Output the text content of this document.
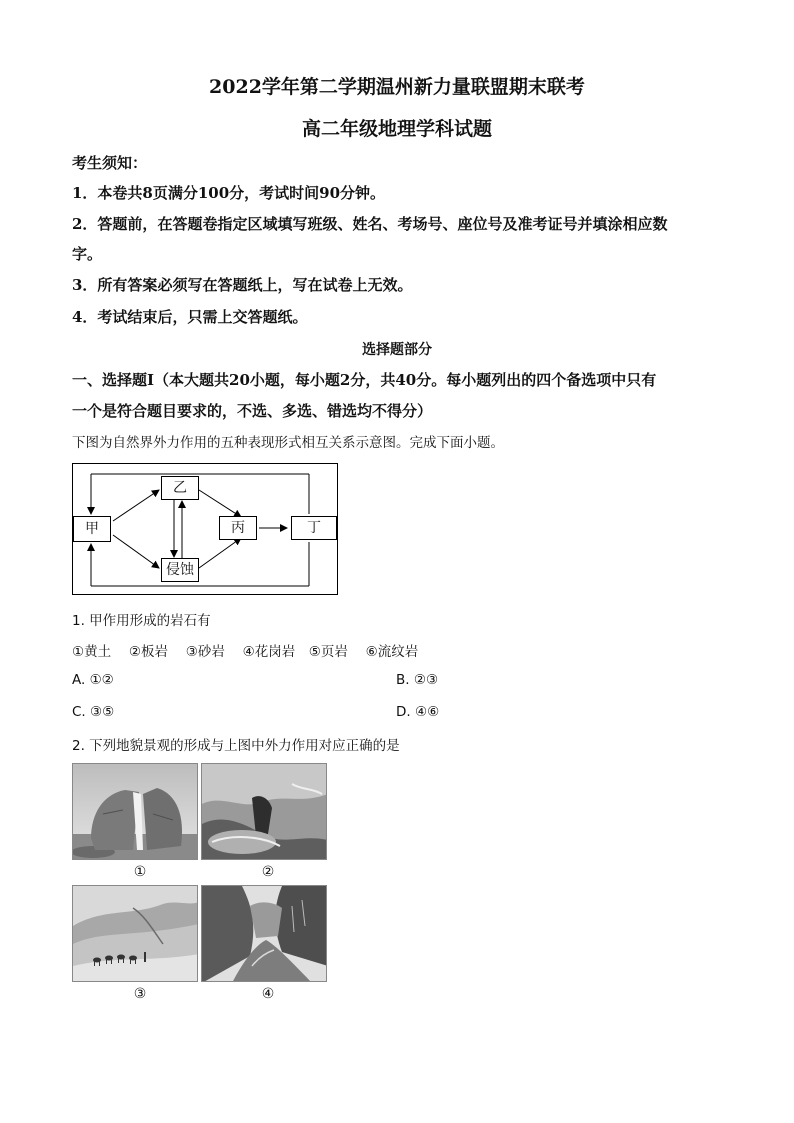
2022学年第二学期温州新力量联盟期末联考
高二年级地理学科试题
考生须知：
1．本卷共8页满分100分，考试时间90分钟。
2．答题前，在答题卷指定区域填写班级、姓名、考场号、座位号及准考证号并填涂相应数
字。
3．所有答案必须写在答题纸上，写在试卷上无效。
4．考试结束后，只需上交答题纸。
选择题部分
一、选择题Ⅰ（本大题共20小题，每小题2分，共40分。每小题列出的四个备选项中只有
一个是符合题目要求的，不选、多选、错选均不得分）
下图为自然界外力作用的五种表现形式相互关系示意图。完成下面小题。
甲
乙
侵蚀
丙	丁
1. 甲作用形成的岩石有
①黄土　 ②板岩　 ③砂岩　 ④花岗岩　⑤页岩　 ⑥流纹岩
A. ①②	B. ②③
C. ③⑤	D. ④⑥
2. 下列地貌景观的形成与上图中外力作用对应正确的是
①	②
③	④
